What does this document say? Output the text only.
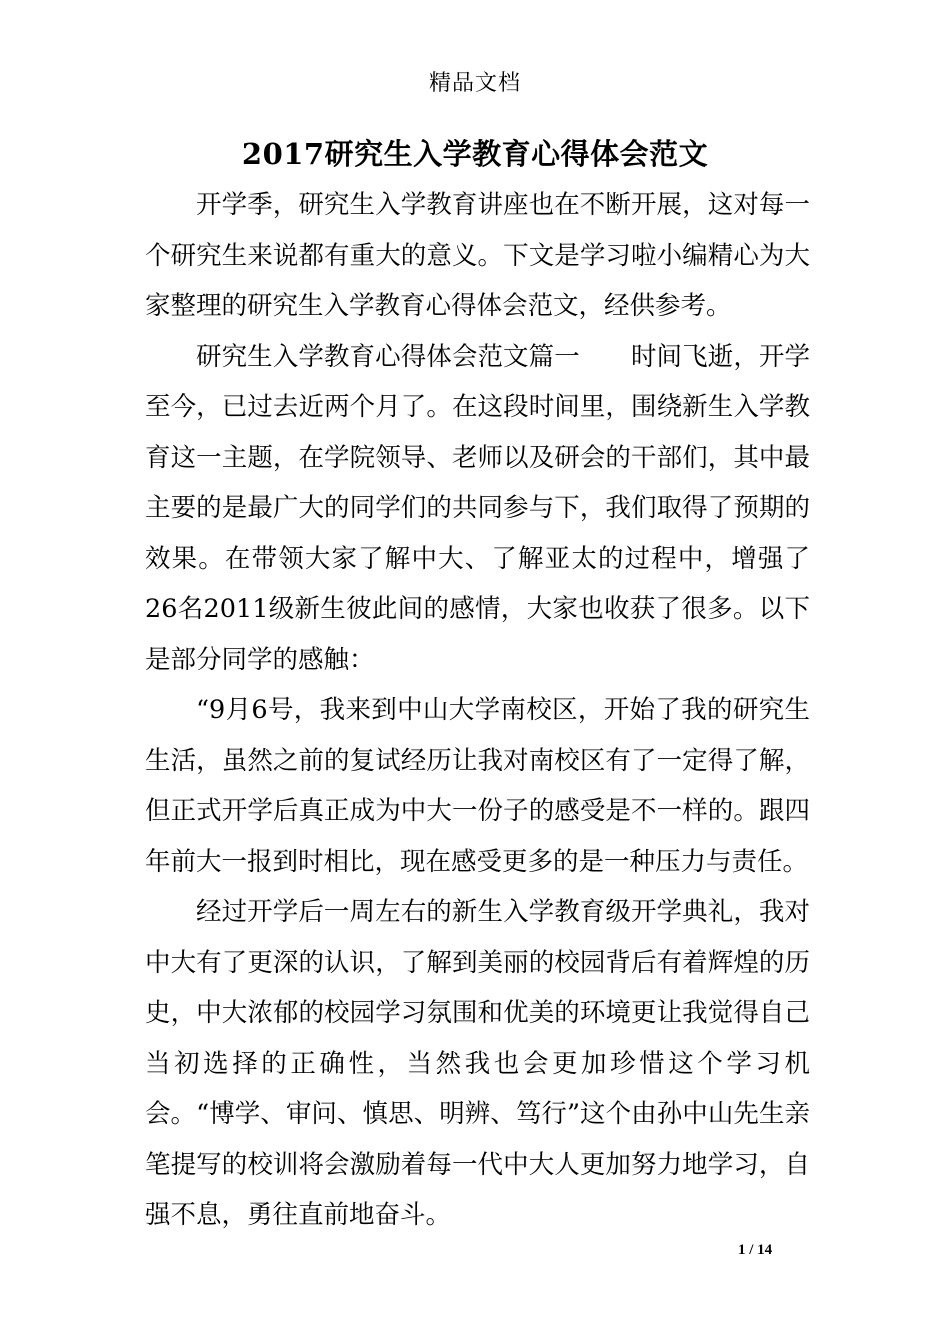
精品文档
2017研究生入学教育心得体会范文

开学季，研究生入学教育讲座也在不断开展，这对每一个研究生来说都有重大的意义。下文是学习啦小编精心为大家整理的研究生入学教育心得体会范文，经供参考。

研究生入学教育心得体会范文篇一　　时间飞逝，开学至今，已过去近两个月了。在这段时间里，围绕新生入学教育这一主题，在学院领导、老师以及研会的干部们，其中最主要的是最广大的同学们的共同参与下，我们取得了预期的效果。在带领大家了解中大、了解亚太的过程中，增强了26名2011级新生彼此间的感情，大家也收获了很多。以下是部分同学的感触：

“9月6号，我来到中山大学南校区，开始了我的研究生生活，虽然之前的复试经历让我对南校区有了一定得了解，但正式开学后真正成为中大一份子的感受是不一样的。跟四年前大一报到时相比，现在感受更多的是一种压力与责任。

经过开学后一周左右的新生入学教育级开学典礼，我对中大有了更深的认识，了解到美丽的校园背后有着辉煌的历史，中大浓郁的校园学习氛围和优美的环境更让我觉得自己当初选择的正确性，当然我也会更加珍惜这个学习机会。“博学、审问、慎思、明辨、笃行”这个由孙中山先生亲笔提写的校训将会激励着每一代中大人更加努力地学习，自强不息，勇往直前地奋斗。

1 / 14
